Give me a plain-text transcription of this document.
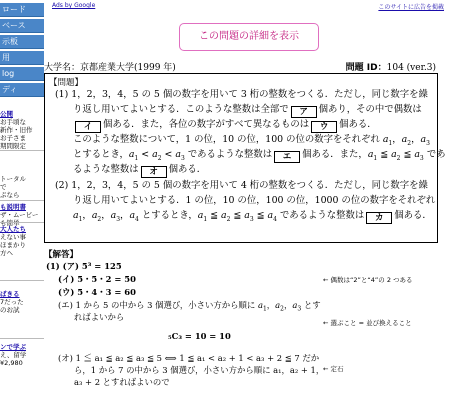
ロード
ベース
示板
用
log
ディ
公開
お手頃な
新作・旧作
お子さま
期間限定
トータル
で
ぷなら
も説明書
ザ・ムービー
も簡単
大人たち
えない事
ほまかり
方へ
ばきる
7だった
のお試
ンで学ぶ
え、留学
¥2,980
Ads by Google	このサイトに広告を掲載
この問題の詳細を表示
大学名：京都産業大学(1999 年)	問題 ID：104 (ver.3)
【問題】
(1) 1，2，3，4，5 の 5 個の数字を用いて 3 桁の整数をつくる．ただし，同じ数字を繰
り返し用いてよいとする．このような整数は全部で ア 個あり，その中で偶数は
イ 個ある．また，各位の数字がすべて異なるものは ウ 個ある．
このような整数について，1 の位，10 の位，100 の位の数字をそれぞれ $a_1$，$a_2$，$a_3$
とするとき，$a_1 < a_2 < a_3$ であるような整数は エ 個ある．また，$a_1$ ≦ $a_2$ ≦ $a_3$ であ
るような整数は オ 個ある．
(2) 1，2，3，4，5 の 5 個の数字を用いて 4 桁の整数をつくる．ただし，同じ数字を繰
り返し用いてよいとする．1 の位，10 の位，100 の位，1000 の位の数字をそれぞれ
$a_1$，$a_2$，$a_3$，$a_4$ とするとき，$a_1$ ≦ $a_2$ ≦ $a_3$ ≦ $a_4$ であるような整数は カ 個ある．
【解答】
(1) (ア) 5³ = 125
(イ) 5・5・2 = 50
(ウ) 5・4・3 = 60
(エ) 1 から 5 の中から 3 個選び，小さい方から順に $a_1$，$a_2$，$a_3$ とす
ればよいから
₅C₃ = 10 = 10
(オ) 1 ≦ a₁ ≦ a₂ ≦ a₃ ≦ 5 ⟺ 1 ≦ a₁ < a₂ + 1 < a₃ + 2 ≦ 7 だか
ら，1 から 7 の中から 3 個選び，小さい方から順に a₁，a₂ + 1，
a₃ + 2 とすればよいので
← 偶数は“2”と“4”の 2 つある
← 選ぶこと = 並び換えること
← 定石
